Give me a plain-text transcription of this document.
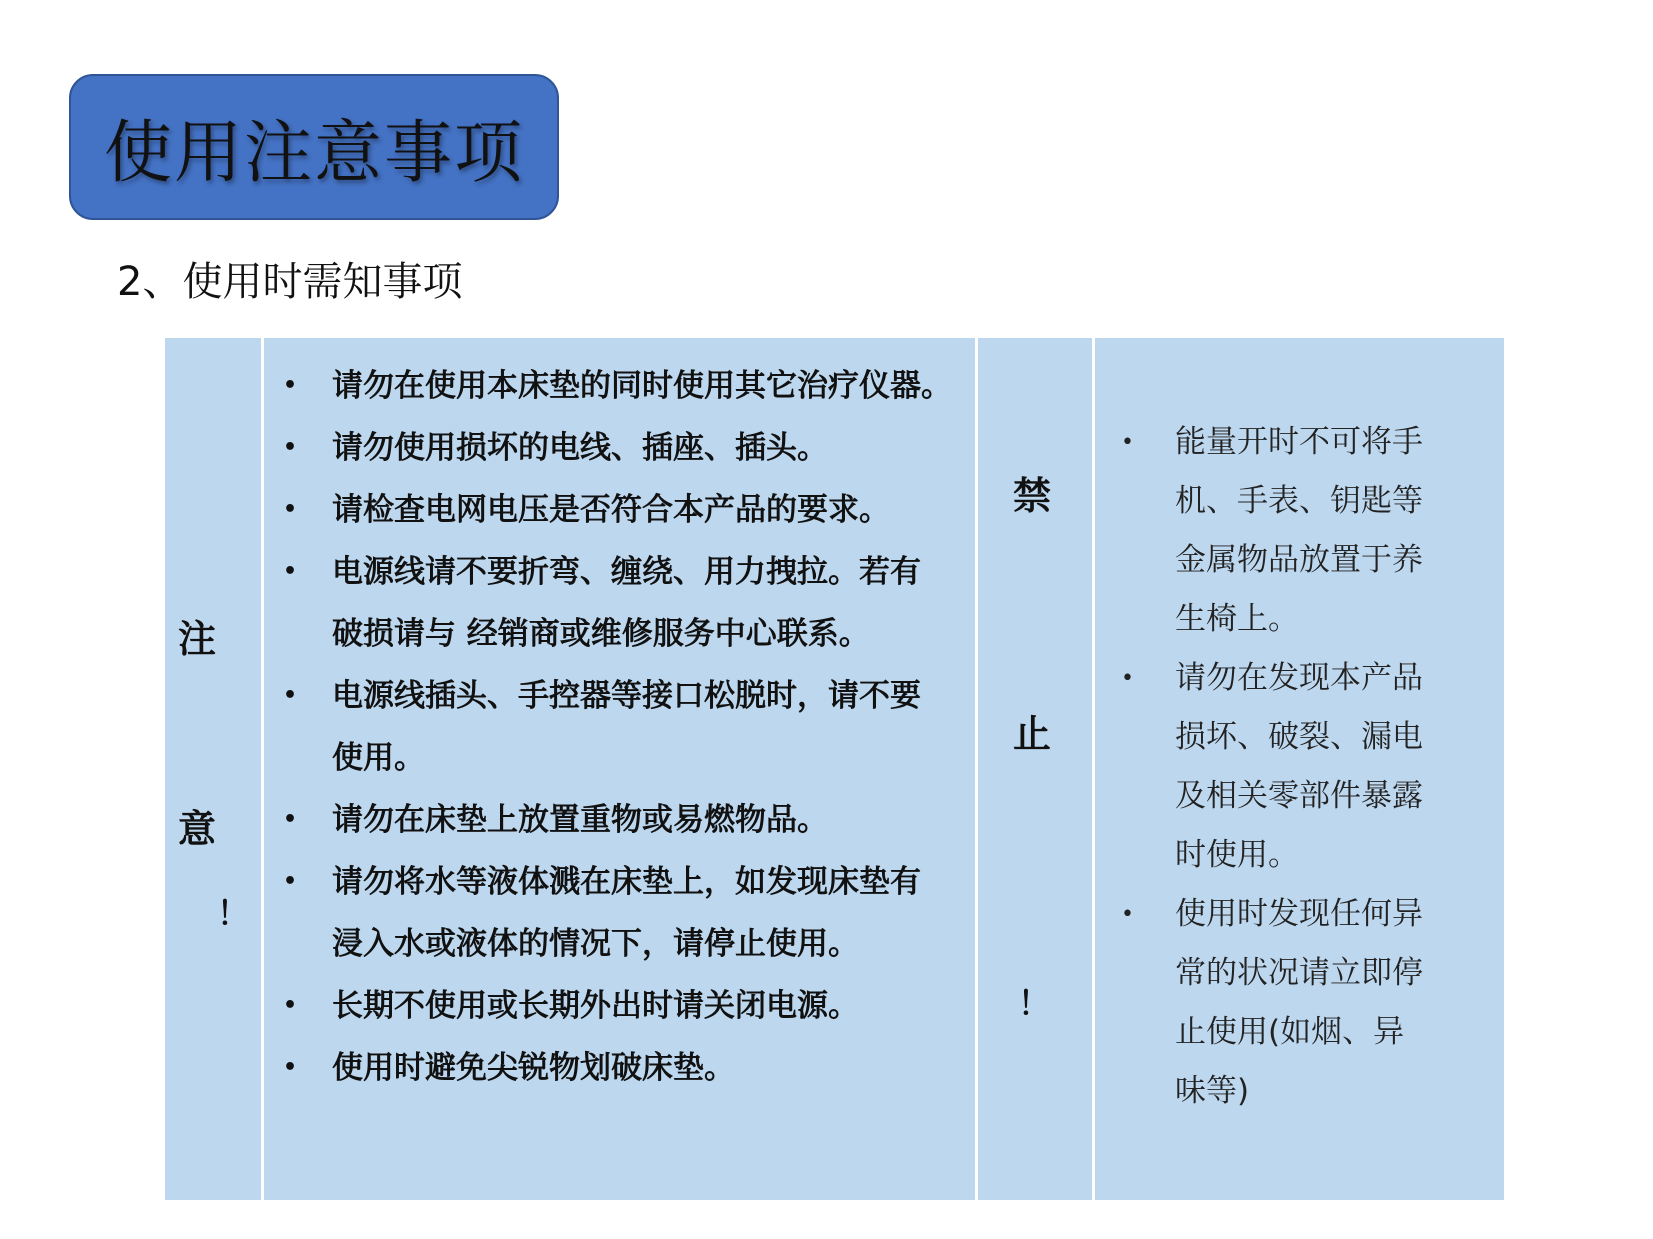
使用注意事项
2、使用时需知事项
注
意
！
• 请勿在使用本床垫的同时使用其它治疗仪器。
• 请勿使用损坏的电线、插座、插头。
• 请检查电网电压是否符合本产品的要求。
• 电源线请不要折弯、缠绕、用力拽拉。若有
破损请与 经销商或维修服务中心联系。
• 电源线插头、手控器等接口松脱时，请不要
使用。
• 请勿在床垫上放置重物或易燃物品。
• 请勿将水等液体溅在床垫上，如发现床垫有
浸入水或液体的情况下，请停止使用。
• 长期不使用或长期外出时请关闭电源。
• 使用时避免尖锐物划破床垫。
禁
止
！
• 能量开时不可将手
机、手表、钥匙等
金属物品放置于养
生椅上。
• 请勿在发现本产品
损坏、破裂、漏电
及相关零部件暴露
时使用。
• 使用时发现任何异
常的状况请立即停
止使用(如烟、异
味等)
